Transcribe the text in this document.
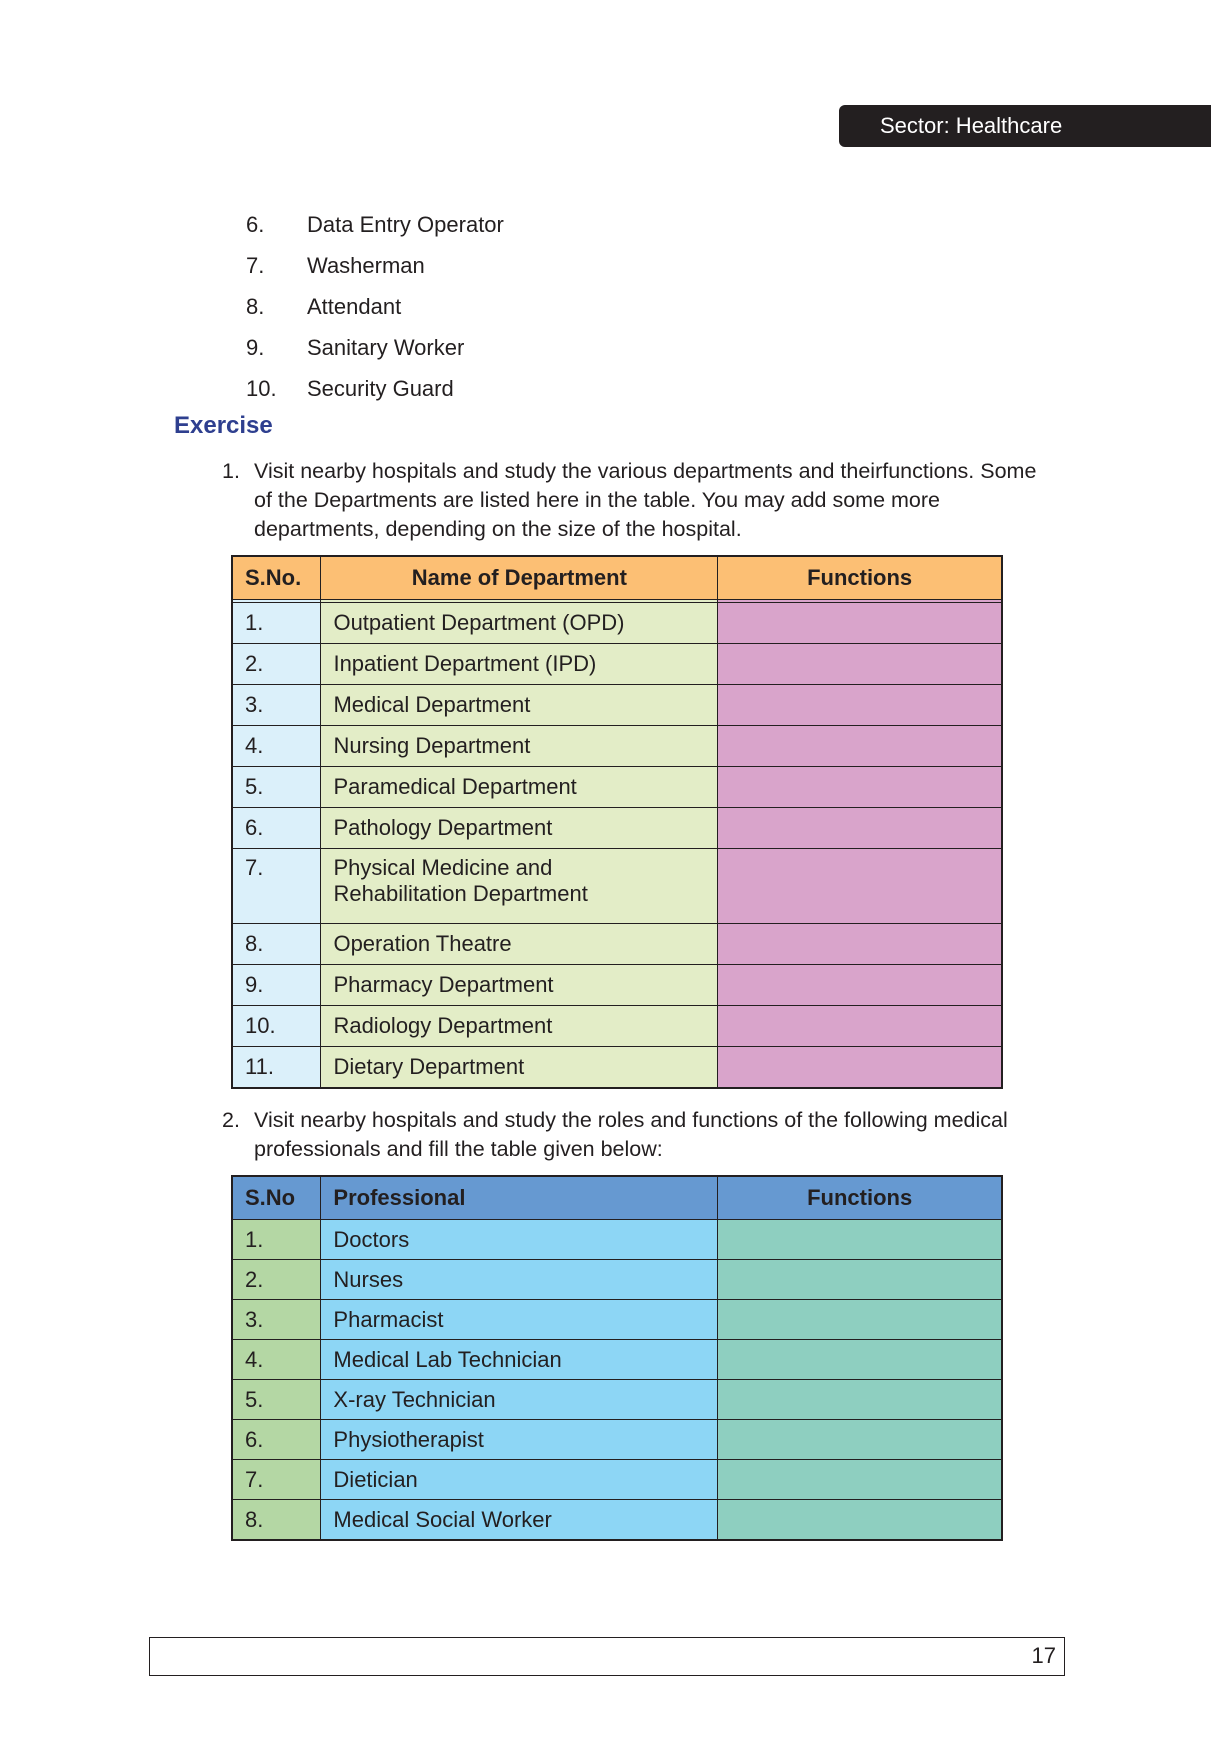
Sector: Healthcare
6.	Data Entry Operator
7.	Washerman
8.	Attendant
9.	Sanitary Worker
10.	Security Guard
Exercise
1. Visit nearby hospitals and study the various departments and theirfunctions. Some of the Departments are listed here in the table. You may add some more departments, depending on the size of the hospital.
S.No.	Name of Department	Functions

1.	Outpatient Department (OPD)	
2.	Inpatient Department (IPD)	
3.	Medical Department	
4.	Nursing Department	
5.	Paramedical Department	
6.	Pathology Department	
7.	Physical Medicine and
Rehabilitation Department	

8.	Operation Theatre	
9.	Pharmacy Department	
10.	Radiology Department	
11.	Dietary Department	
2. Visit nearby hospitals and study the roles and functions of the following medical professionals and fill the table given below:
S.No	Professional	Functions
1.	Doctors	
2.	Nurses	
3.	Pharmacist	
4.	Medical Lab Technician	
5.	X-ray Technician	
6.	Physiotherapist	
7.	Dietician	
8.	Medical Social Worker	
17
